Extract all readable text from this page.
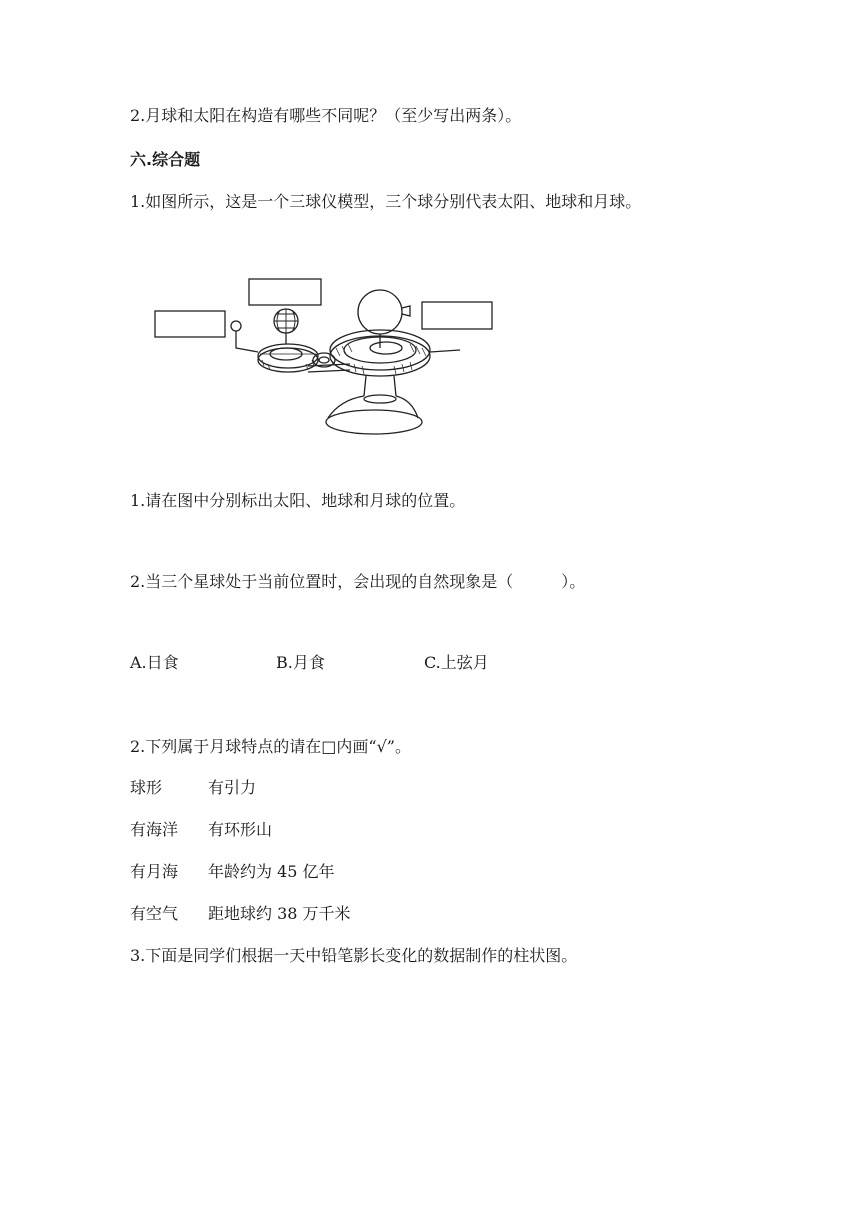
2.月球和太阳在构造有哪些不同呢？（至少写出两条）。
六.综合题
1.如图所示，这是一个三球仪模型，三个球分别代表太阳、地球和月球。
1.请在图中分别标出太阳、地球和月球的位置。
2.当三个星球处于当前位置时，会出现的自然现象是（　　　）。
A.日食	B.月食	C.上弦月
2.下列属于月球特点的请在□内画“√”。
球形	有引力
有海洋 有环形山
有月海 年龄约为 45 亿年
有空气 距地球约 38 万千米
3.下面是同学们根据一天中铅笔影长变化的数据制作的柱状图。
